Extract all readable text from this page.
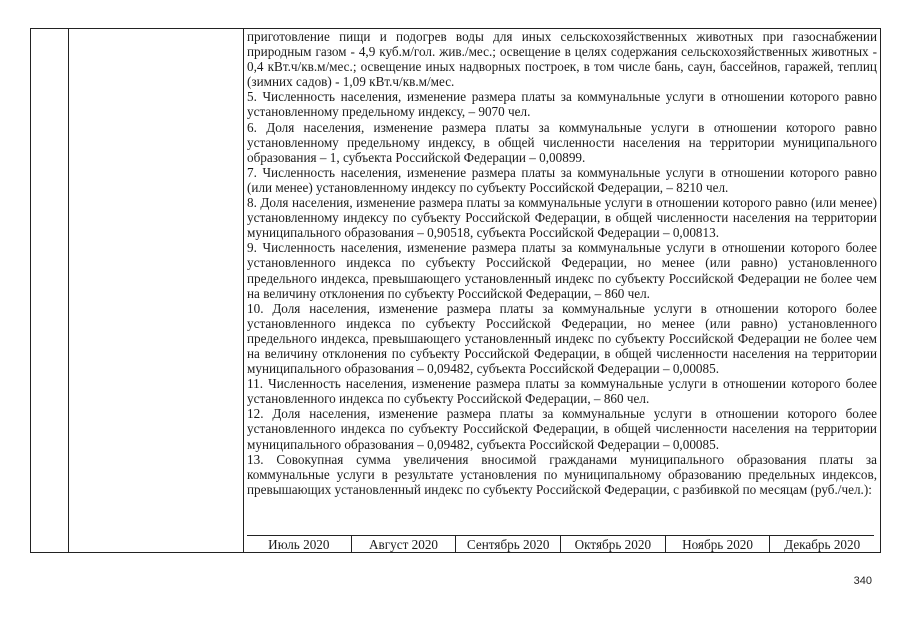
приготовление пищи и подогрев воды для иных сельскохозяйственных животных при газоснабжении природным газом - 4,9 куб.м/гол. жив./мес.; освещение в целях содержания сельскохозяйственных животных - 0,4 кВт.ч/кв.м/мес.; освещение иных надворных построек, в том числе бань, саун, бассейнов, гаражей, теплиц (зимних садов) - 1,09 кВт.ч/кв.м/мес.

5. Численность населения, изменение размера платы за коммунальные услуги в отношении которого равно установленному предельному индексу, – 9070 чел.

6. Доля населения, изменение размера платы за коммунальные услуги в отношении которого равно установленному предельному индексу, в общей численности населения на территории муниципального образования – 1, субъекта Российской Федерации – 0,00899.

7. Численность населения, изменение размера платы за коммунальные услуги в отношении которого равно (или менее) установленному индексу по субъекту Российской Федерации, – 8210 чел.

8. Доля населения, изменение размера платы за коммунальные услуги в отношении которого равно (или менее) установленному индексу по субъекту Российской Федерации, в общей численности населения на территории муниципального образования – 0,90518, субъекта Российской Федерации – 0,00813.

9. Численность населения, изменение размера платы за коммунальные услуги в отношении которого более установленного индекса по субъекту Российской Федерации, но менее (или равно) установленного предельного индекса, превышающего установленный индекс по субъекту Российской Федерации не более чем на величину отклонения по субъекту Российской Федерации, – 860 чел.

10. Доля населения, изменение размера платы за коммунальные услуги в отношении которого более установленного индекса по субъекту Российской Федерации, но менее (или равно) установленного предельного индекса, превышающего установленный индекс по субъекту Российской Федерации не более чем на величину отклонения по субъекту Российской Федерации, в общей численности населения на территории муниципального образования – 0,09482, субъекта Российской Федерации – 0,00085.

11. Численность населения, изменение размера платы за коммунальные услуги в отношении которого более установленного индекса по субъекту Российской Федерации, – 860 чел.

12. Доля населения, изменение размера платы за коммунальные услуги в отношении которого более установленного индекса по субъекту Российской Федерации, в общей численности населения на территории муниципального образования – 0,09482, субъекта Российской Федерации – 0,00085.

13. Совокупная сумма увеличения вносимой гражданами муниципального образования платы за коммунальные услуги в результате установления по муниципальному образованию предельных индексов, превышающих установленный индекс по субъекту Российской Федерации, с разбивкой по месяцам (руб./чел.):

Июль 2020	Август 2020	Сентябрь 2020	Октябрь 2020	Ноябрь 2020	Декабрь 2020
340
